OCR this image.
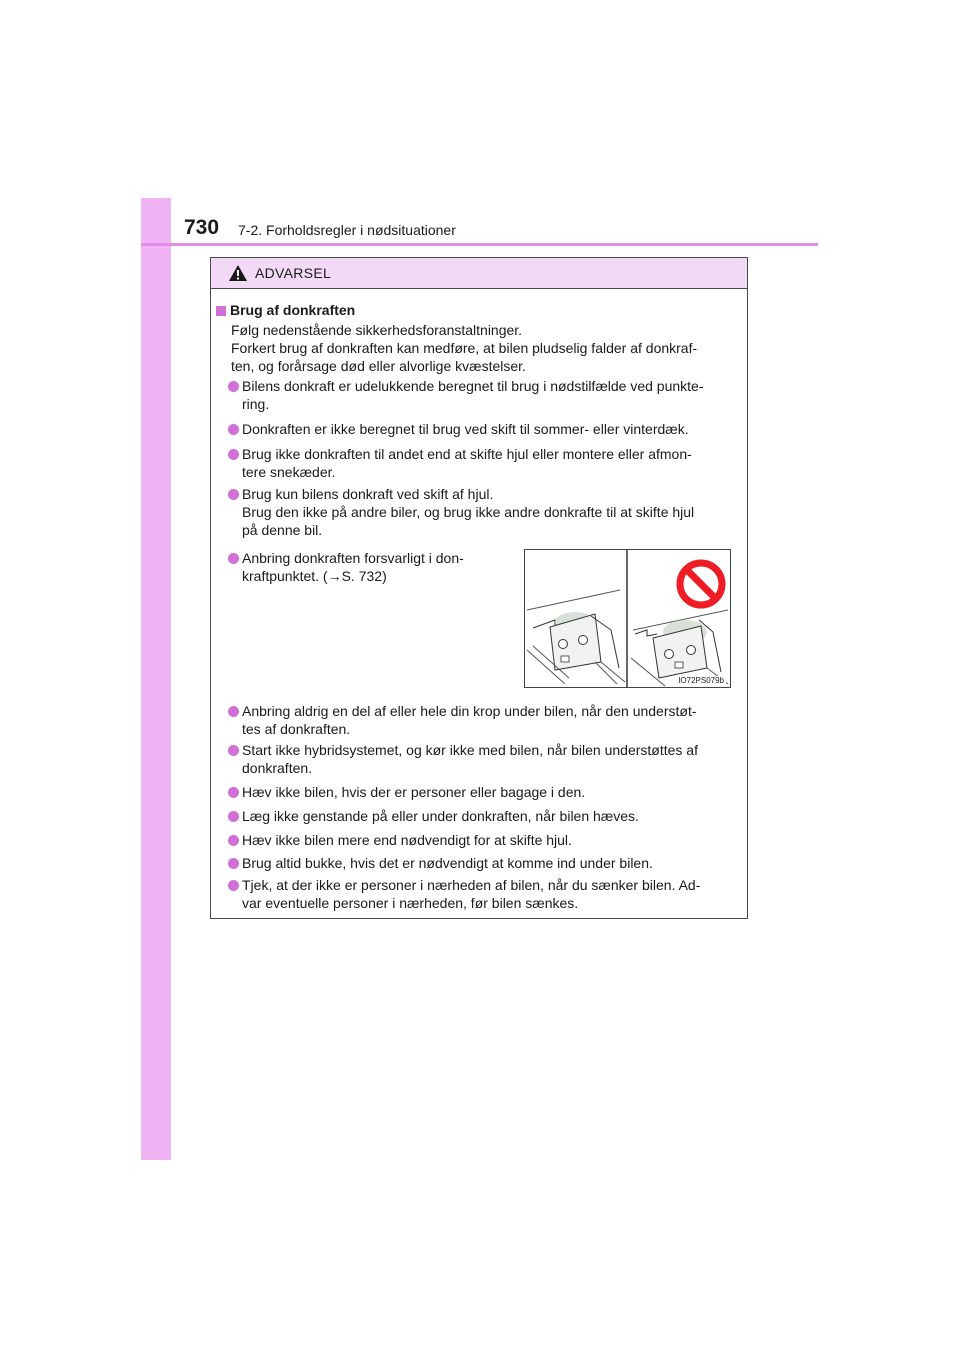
730 7-2. Forholdsregler i nødsituationer
ADVARSEL
Brug af donkraften
Følg nedenstående sikkerhedsforanstaltninger.
Forkert brug af donkraften kan medføre, at bilen pludselig falder af donkraf-
ten, og forårsage død eller alvorlige kvæstelser.
Bilens donkraft er udelukkende beregnet til brug i nødstilfælde ved punkte-
ring.
Donkraften er ikke beregnet til brug ved skift til sommer- eller vinterdæk.
Brug ikke donkraften til andet end at skifte hjul eller montere eller afmon-
tere snekæder.
Brug kun bilens donkraft ved skift af hjul.
Brug den ikke på andre biler, og brug ikke andre donkrafte til at skifte hjul
på denne bil.
Anbring donkraften forsvarligt i don-
kraftpunktet. (→S. 732)
IO72PS079b
Anbring aldrig en del af eller hele din krop under bilen, når den understøt-
tes af donkraften.
Start ikke hybridsystemet, og kør ikke med bilen, når bilen understøttes af
donkraften.
Hæv ikke bilen, hvis der er personer eller bagage i den.
Læg ikke genstande på eller under donkraften, når bilen hæves.
Hæv ikke bilen mere end nødvendigt for at skifte hjul.
Brug altid bukke, hvis det er nødvendigt at komme ind under bilen.
Tjek, at der ikke er personer i nærheden af bilen, når du sænker bilen. Ad-
var eventuelle personer i nærheden, før bilen sænkes.
